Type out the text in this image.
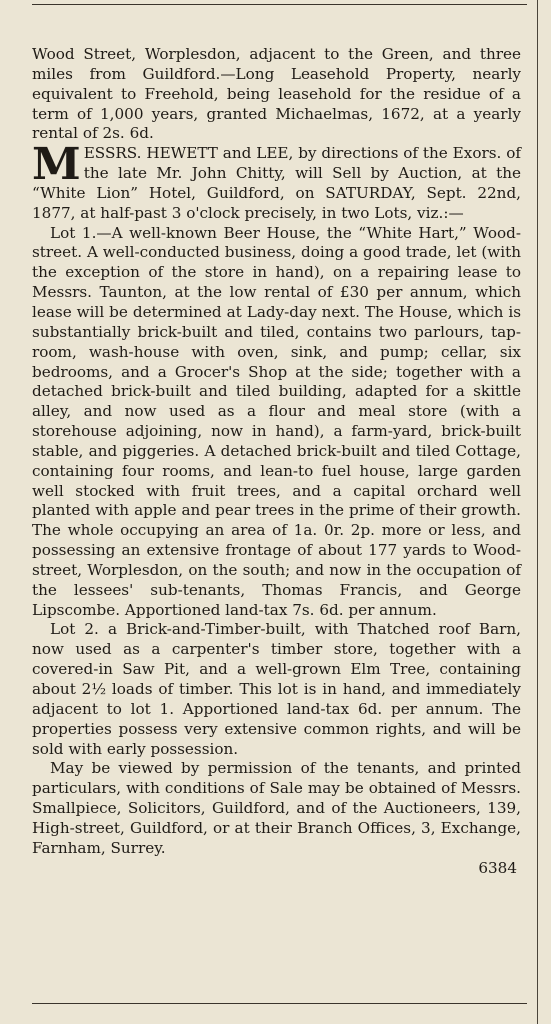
Wood Street, Worplesdon, adjacent to the Green, and three miles from Guildford.—Long Leasehold Property, nearly equivalent to Freehold, being leasehold for the residue of a term of 1,000 years, granted Michaelmas, 1672, at a yearly rental of 2s. 6d.

MESSRS. HEWETT and LEE, by directions of the Exors. of the late Mr. John Chitty, will Sell by Auction, at the “White Lion” Hotel, Guildford, on SATURDAY, Sept. 22nd, 1877, at half-past 3 o'clock precisely, in two Lots, viz.:—

Lot 1.—A well-known Beer House, the “White Hart,” Wood-street. A well-conducted business, doing a good trade, let (with the exception of the store in hand), on a repairing lease to Messrs. Taunton, at the low rental of £30 per annum, which lease will be determined at Lady-day next. The House, which is substantially brick-built and tiled, contains two parlours, tap-room, wash-house with oven, sink, and pump; cellar, six bedrooms, and a Grocer's Shop at the side; together with a detached brick-built and tiled building, adapted for a skittle alley, and now used as a flour and meal store (with a storehouse adjoining, now in hand), a farm-yard, brick-built stable, and piggeries. A detached brick-built and tiled Cottage, containing four rooms, and lean-to fuel house, large garden well stocked with fruit trees, and a capital orchard well planted with apple and pear trees in the prime of their growth. The whole occupying an area of 1a. 0r. 2p. more or less, and possessing an extensive frontage of about 177 yards to Wood-street, Worplesdon, on the south; and now in the occupation of the lessees' sub-tenants, Thomas Francis, and George Lipscombe. Apportioned land-tax 7s. 6d. per annum.

Lot 2. a Brick-and-Timber-built, with Thatched roof Barn, now used as a carpenter's timber store, together with a covered-in Saw Pit, and a well-grown Elm Tree, containing about 2½ loads of timber. This lot is in hand, and immediately adjacent to lot 1. Apportioned land-tax 6d. per annum. The properties possess very extensive common rights, and will be sold with early possession.

May be viewed by permission of the tenants, and printed particulars, with conditions of Sale may be obtained of Messrs. Smallpiece, Solicitors, Guildford, and of the Auctioneers, 139, High-street, Guildford, or at their Branch Offices, 3, Exchange, Farnham, Surrey.

6384
